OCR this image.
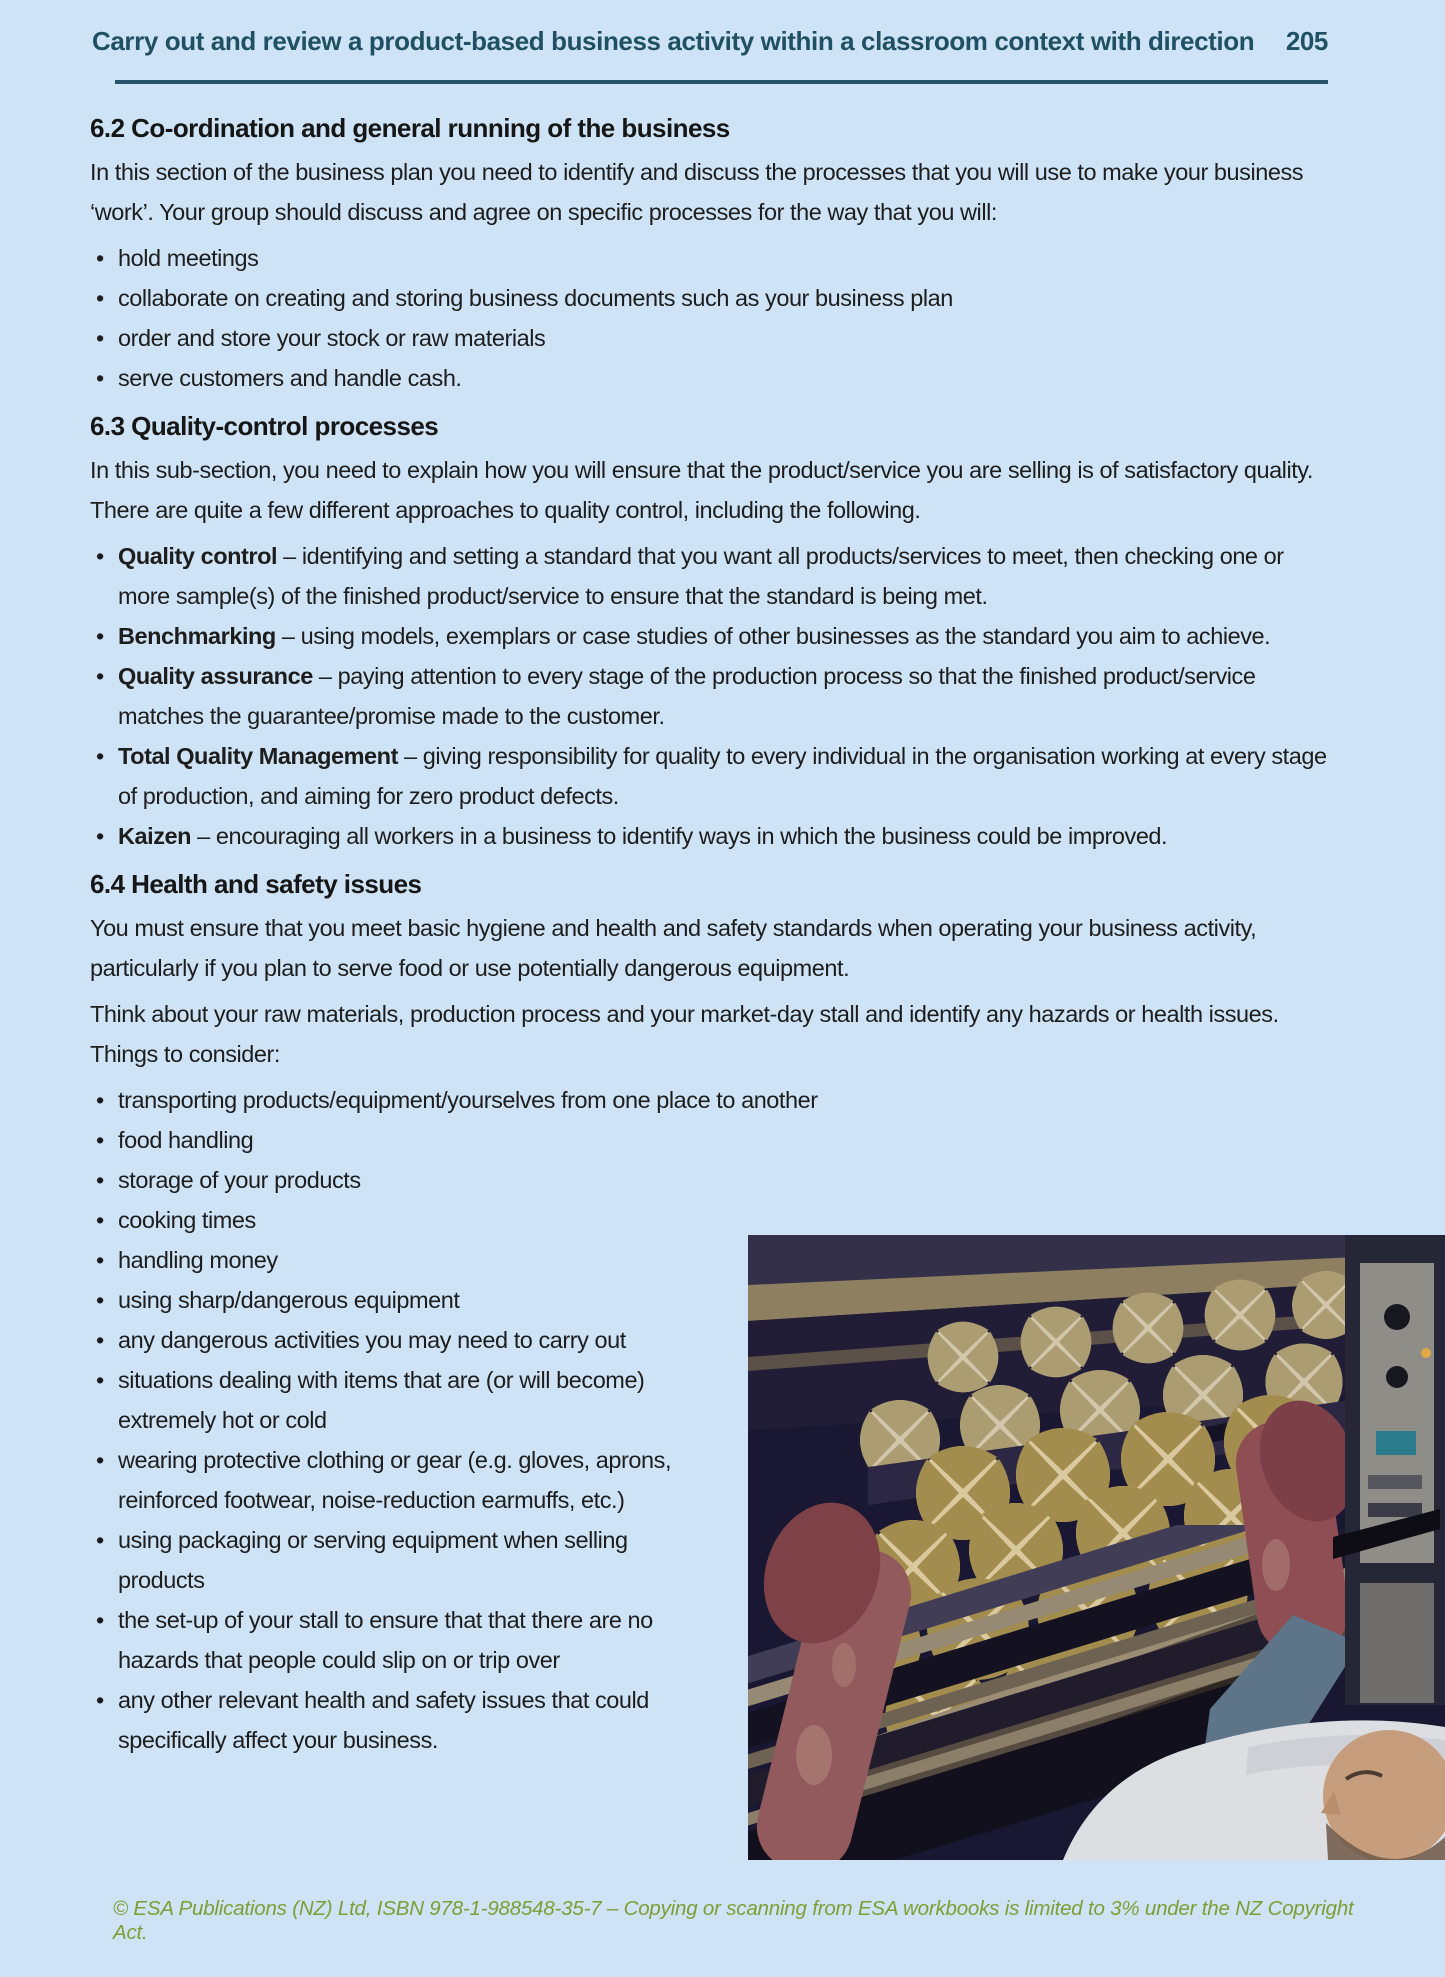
Carry out and review a product-based business activity within a classroom context with direction	205
6.2 Co-ordination and general running of the business

In this section of the business plan you need to identify and discuss the processes that you will use to make your business ‘work’. Your group should discuss and agree on specific processes for the way that you will:

• hold meetings
• collaborate on creating and storing business documents such as your business plan
• order and store your stock or raw materials
• serve customers and handle cash.
6.3 Quality-control processes

In this sub-section, you need to explain how you will ensure that the product/service you are selling is of satisfactory quality. There are quite a few different approaches to quality control, including the following.

• Quality control – identifying and setting a standard that you want all products/services to meet, then checking one or more sample(s) of the finished product/service to ensure that the standard is being met.
• Benchmarking – using models, exemplars or case studies of other businesses as the standard you aim to achieve.
• Quality assurance – paying attention to every stage of the production process so that the finished product/service matches the guarantee/promise made to the customer.
• Total Quality Management – giving responsibility for quality to every individual in the organisation working at every stage of production, and aiming for zero product defects.
• Kaizen – encouraging all workers in a business to identify ways in which the business could be improved.
6.4 Health and safety issues

You must ensure that you meet basic hygiene and health and safety standards when operating your business activity, particularly if you plan to serve food or use potentially dangerous equipment.

Think about your raw materials, production process and your market-day stall and identify any hazards or health issues. Things to consider:

• transporting products/equipment/yourselves from one place to another
• food handling
• storage of your products
• cooking times
• handling money
• using sharp/dangerous equipment
• any dangerous activities you may need to carry out
• situations dealing with items that are (or will become) extremely hot or cold
• wearing protective clothing or gear (e.g. gloves, aprons, reinforced footwear, noise-reduction earmuffs, etc.)
• using packaging or serving equipment when selling products
• the set-up of your stall to ensure that that there are no hazards that people could slip on or trip over
• any other relevant health and safety issues that could specifically affect your business.
© ESA Publications (NZ) Ltd, ISBN 978-1-988548-35-7 – Copying or scanning from ESA workbooks is limited to 3% under the NZ Copyright Act.
